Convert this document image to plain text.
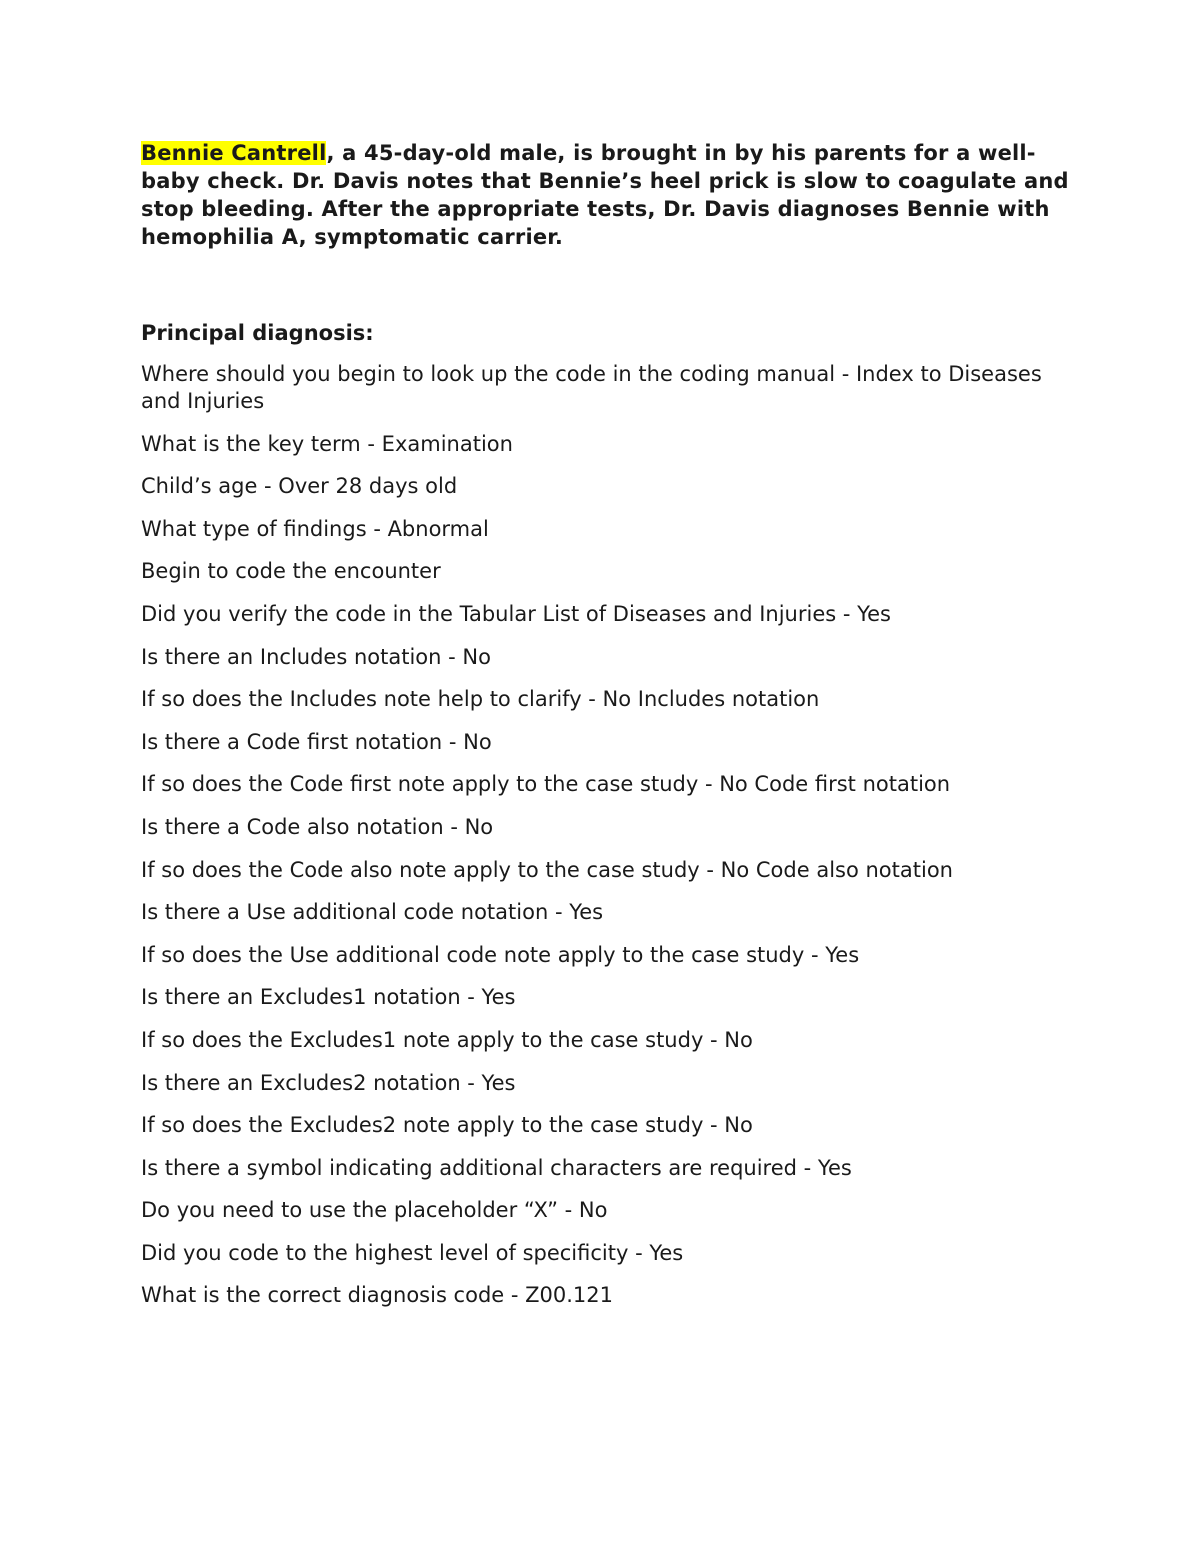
Bennie Cantrell, a 45-day-old male, is brought in by his parents for a well-baby check. Dr. Davis notes that Bennie’s heel prick is slow to coagulate and stop bleeding. After the appropriate tests, Dr. Davis diagnoses Bennie with hemophilia A, symptomatic carrier.

Principal diagnosis:

Where should you begin to look up the code in the coding manual - Index to Diseases and Injuries
What is the key term - Examination
Child’s age - Over 28 days old
What type of findings - Abnormal
Begin to code the encounter
Did you verify the code in the Tabular List of Diseases and Injuries - Yes
Is there an Includes notation - No
If so does the Includes note help to clarify - No Includes notation
Is there a Code first notation - No
If so does the Code first note apply to the case study - No Code first notation
Is there a Code also notation - No
If so does the Code also note apply to the case study - No Code also notation
Is there a Use additional code notation - Yes
If so does the Use additional code note apply to the case study - Yes
Is there an Excludes1 notation - Yes
If so does the Excludes1 note apply to the case study - No
Is there an Excludes2 notation - Yes
If so does the Excludes2 note apply to the case study - No
Is there a symbol indicating additional characters are required - Yes
Do you need to use the placeholder “X” - No
Did you code to the highest level of specificity - Yes
What is the correct diagnosis code - Z00.121
